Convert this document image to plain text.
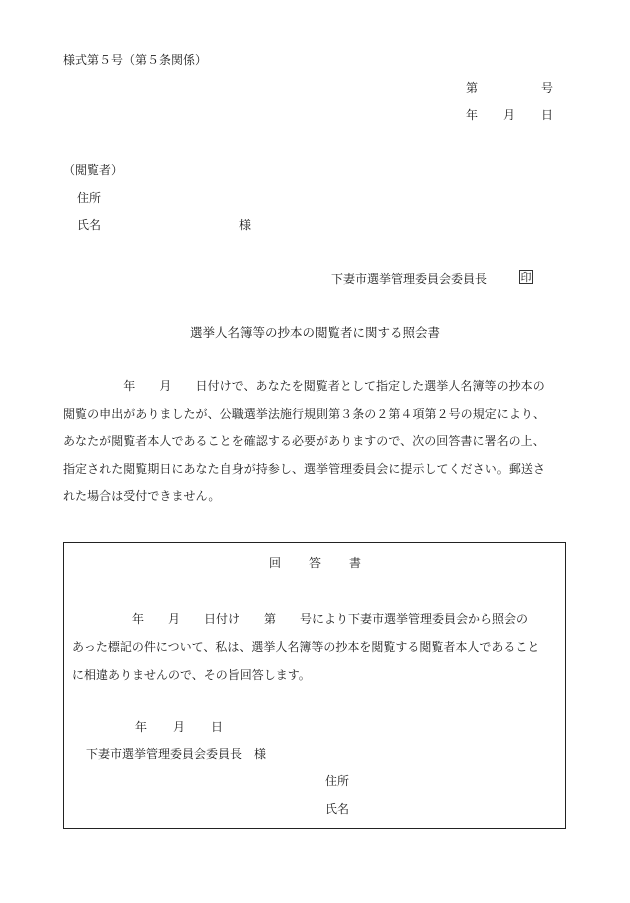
様式第５号（第５条関係）
第	号
年 月 日
（閲覧者）
住所
氏名	様
下妻市選挙管理委員会委員長	印
選挙人名簿等の抄本の閲覧者に関する照会書
　　　　　年　　月　　日付けで、あなたを閲覧者として指定した選挙人名簿等の抄本の
閲覧の申出がありましたが、公職選挙法施行規則第３条の２第４項第２号の規定により、
あなたが閲覧者本人であることを確認する必要がありますので、次の回答書に署名の上、
指定された閲覧期日にあなた自身が持参し、選挙管理委員会に提示してください。郵送さ
れた場合は受付できません。
回 答 書
　　　　　年　　月　　日付け　　第　　号により下妻市選挙管理委員会から照会の
あった標記の件について、私は、選挙人名簿等の抄本を閲覧する閲覧者本人であること
に相違ありませんので、その旨回答します。
年 月 日
下妻市選挙管理委員会委員長　様
住所
氏名
